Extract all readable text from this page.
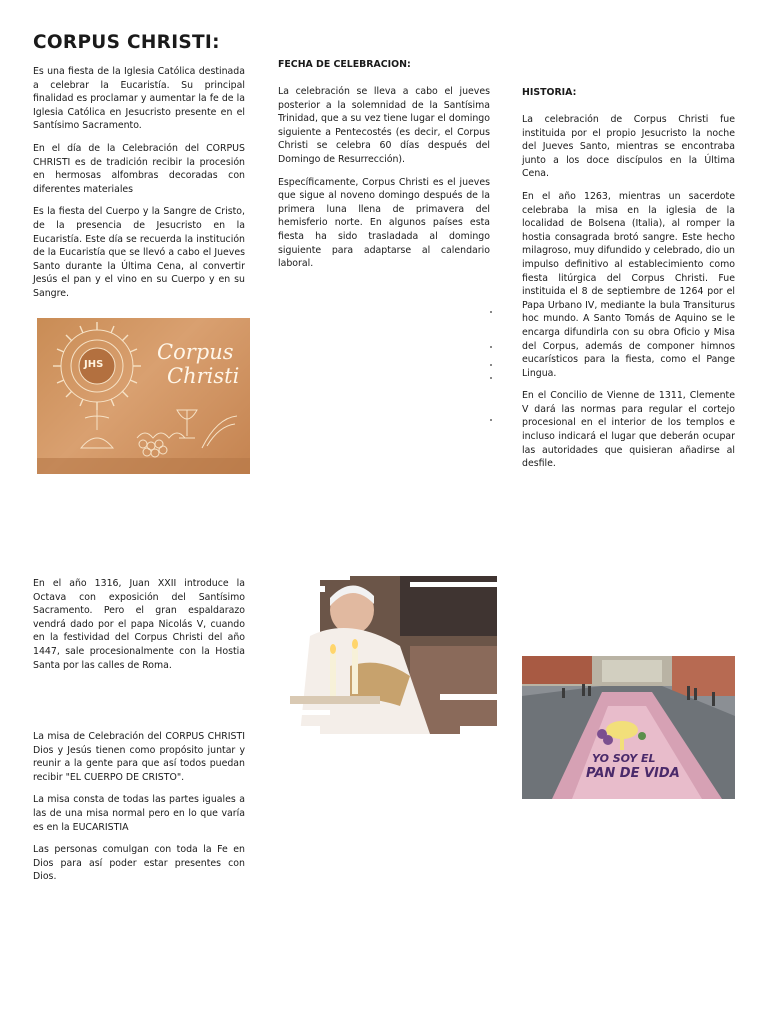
CORPUS CHRISTI:

Es una fiesta de la Iglesia Católica destinada a celebrar la Eucaristía. Su principal finalidad es proclamar y aumentar la fe de la Iglesia Católica en Jesucristo presente en el Santísimo Sacramento.

En el día de la Celebración del CORPUS CHRISTI es de tradición recibir la procesión en hermosas alfombras decoradas con diferentes materiales

Es la fiesta del Cuerpo y la Sangre de Cristo, de la presencia de Jesucristo en la Eucaristía. Este día se recuerda la institución de la Eucaristía que se llevó a cabo el Jueves Santo durante la Última Cena, al convertir Jesús el pan y el vino en su Cuerpo y en su Sangre.

JHS
Corpus
Christi
FECHA DE CELEBRACION:

La celebración se lleva a cabo el jueves posterior a la solemnidad de la Santísima Trinidad, que a su vez tiene lugar el domingo siguiente a Pentecostés (es decir, el Corpus Christi se celebra 60 días después del Domingo de Resurrección).

Específicamente, Corpus Christi es el jueves que sigue al noveno domingo después de la primera luna llena de primavera del hemisferio norte. En algunos países esta fiesta ha sido trasladada al domingo siguiente para adaptarse al calendario laboral.

HISTORIA:

La celebración de Corpus Christi fue instituida por el propio Jesucristo la noche del Jueves Santo, mientras se encontraba junto a los doce discípulos en la Última Cena.

En el año 1263, mientras un sacerdote celebraba la misa en la iglesia de la localidad de Bolsena (Italia), al romper la hostia consagrada brotó sangre. Este hecho milagroso, muy difundido y celebrado, dio un impulso definitivo al establecimiento como fiesta litúrgica del Corpus Christi. Fue instituida el 8 de septiembre de 1264 por el Papa Urbano IV, mediante la bula Transiturus hoc mundo. A Santo Tomás de Aquino se le encarga difundirla con su obra Oficio y Misa del Corpus, además de componer himnos eucarísticos para la fiesta, como el Pange Lingua.

En el Concilio de Vienne de 1311, Clemente V dará las normas para regular el cortejo procesional en el interior de los templos e incluso indicará el lugar que deberán ocupar las autoridades que quisieran añadirse al desfile.

En el año 1316, Juan XXII introduce la Octava con exposición del Santísimo Sacramento. Pero el gran espaldarazo vendrá dado por el papa Nicolás V, cuando en la festividad del Corpus Christi del año 1447, sale procesionalmente con la Hostia Santa por las calles de Roma.

La misa de Celebración del CORPUS CHRISTI Dios y Jesús tienen como propósito juntar y reunir a la gente para que así todos puedan recibir "EL CUERPO DE CRISTO".

La misa consta de todas las partes iguales a las de una misa normal pero en lo que varía es en la EUCARISTIA

Las personas comulgan con toda la Fe en Dios para así poder estar presentes con Dios.

YO SOY EL
PAN DE VIDA
